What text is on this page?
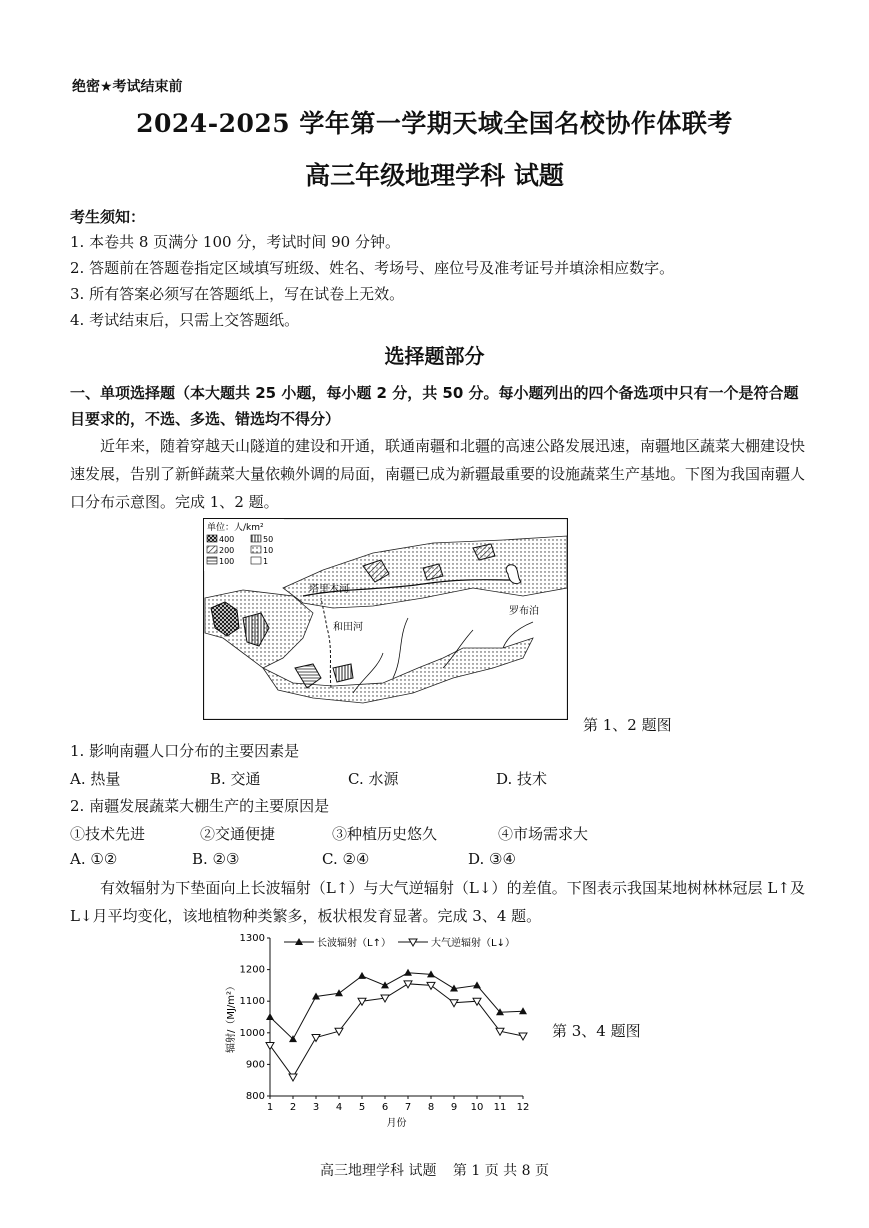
绝密★考试结束前
2024-2025 学年第一学期天域全国名校协作体联考
高三年级地理学科 试题
考生须知：
1. 本卷共 8 页满分 100 分，考试时间 90 分钟。
2. 答题前在答题卷指定区域填写班级、姓名、考场号、座位号及准考证号并填涂相应数字。
3. 所有答案必须写在答题纸上，写在试卷上无效。
4. 考试结束后，只需上交答题纸。
选择题部分
一、单项选择题（本大题共 25 小题，每小题 2 分，共 50 分。每小题列出的四个备选项中只有一个是符合题目要求的，不选、多选、错选均不得分）
近年来，随着穿越天山隧道的建设和开通，联通南疆和北疆的高速公路发展迅速，南疆地区蔬菜大棚建设快速发展，告别了新鲜蔬菜大量依赖外调的局面，南疆已成为新疆最重要的设施蔬菜生产基地。下图为我国南疆人口分布示意图。完成 1、2 题。
单位：人/km²
400
200
100
50
10
1
塔里木河
和田河
罗布泊
第 1、2 题图
1. 影响南疆人口分布的主要因素是
A. 热量	B. 交通	C. 水源	D. 技术
2. 南疆发展蔬菜大棚生产的主要原因是
①技术先进	②交通便捷	③种植历史悠久	④市场需求大
A. ①②	B. ②③	C. ②④	D. ③④
有效辐射为下垫面向上长波辐射（L↑）与大气逆辐射（L↓）的差值。下图表示我国某地树林林冠层 L↑及 L↓月平均变化，该地植物种类繁多，板状根发育显著。完成 3、4 题。
800
900
1000
1100
1200
1300
1 2 3 4 5 6 7 8 9 10 11 12
月份
辐射/（MJ/m²）
长波辐射（L↑）	大气逆辐射（L↓）
第 3、4 题图
高三地理学科 试题 第 1 页 共 8 页
